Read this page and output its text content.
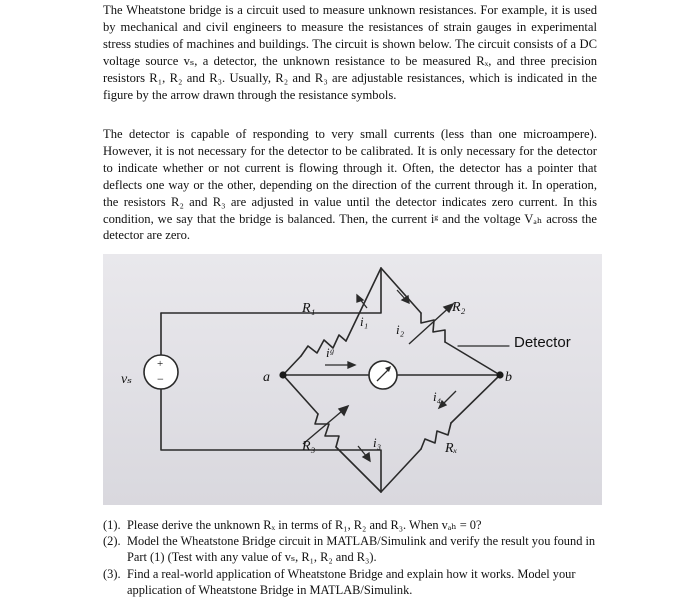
The Wheatstone bridge is a circuit used to measure unknown resistances. For example, it is used by mechanical and civil engineers to measure the resistances of strain gauges in experimental stress studies of machines and buildings. The circuit is shown below. The circuit consists of a DC voltage source vₛ, a detector, the unknown resistance to be measured Rₓ, and three precision resistors R₁, R₂ and R₃. Usually, R₂ and R₃ are adjustable resistances, which is indicated in the figure by the arrow drawn through the resistance symbols.

The detector is capable of responding to very small currents (less than one microampere). However, it is not necessary for the detector to be calibrated. It is only necessary for the detector to indicate whether or not current is flowing through it. Often, the detector has a pointer that deflects one way or the other, depending on the direction of the current through it. In operation, the resistors R₂ and R₃ are adjusted in value until the detector indicates zero current. In this condition, we say that the bridge is balanced. Then, the current iᵍ and the voltage Vₐₕ across the detector are zero.

+
−
R₁	R₂
R₃	Rₓ
i₁
i₂
iᵍ
i₃
i₄
vₛ	a	b
Detector
(1). Please derive the unknown Rₓ in terms of R₁, R₂ and R₃. When vₐₕ = 0?
(2). Model the Wheatstone Bridge circuit in MATLAB/Simulink and verify the result you found in Part (1) (Test with any value of vₛ, R₁, R₂ and R₃).
(3). Find a real-world application of Wheatstone Bridge and explain how it works. Model your application of Wheatstone Bridge in MATLAB/Simulink.
